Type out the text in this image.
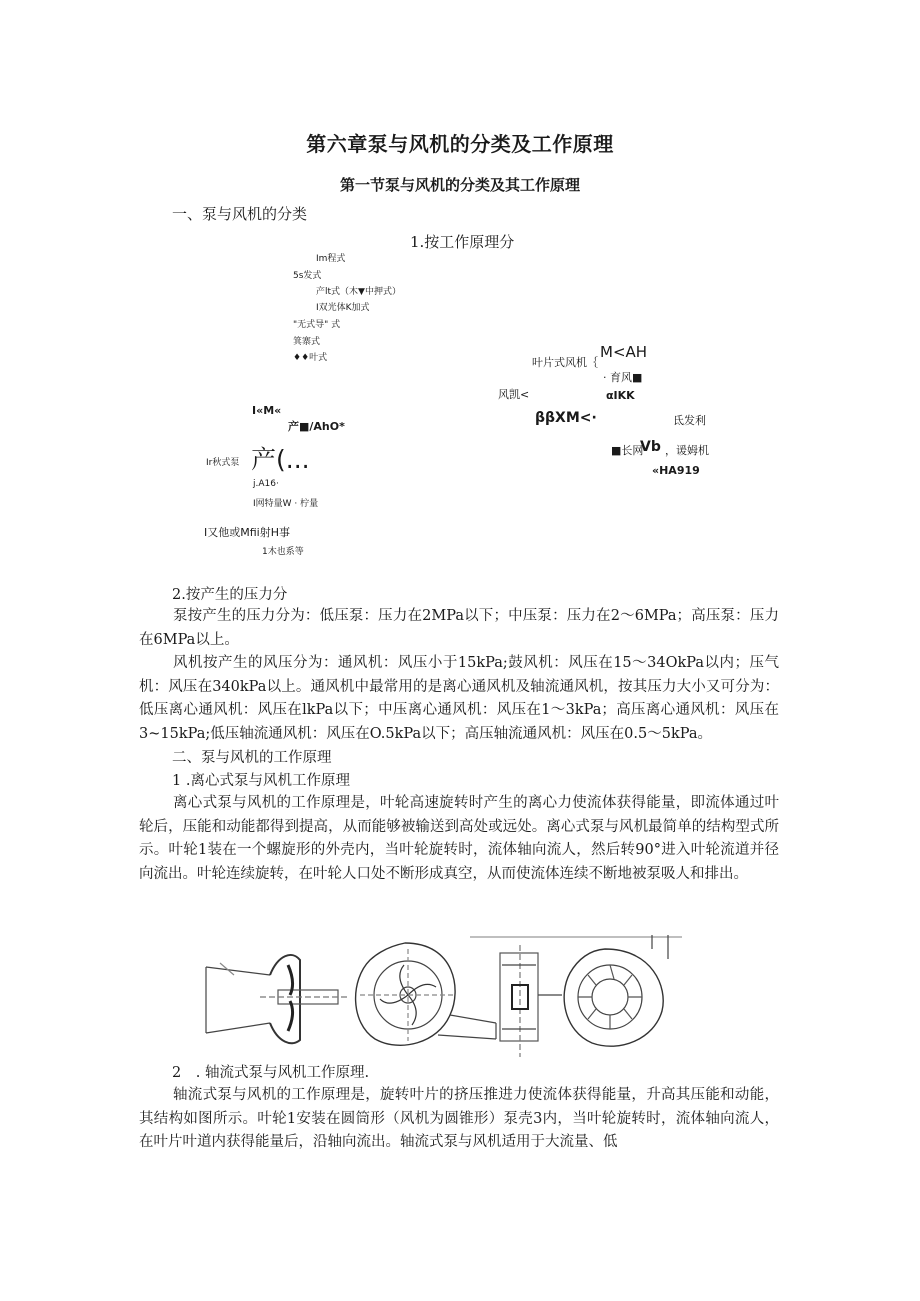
第六章泵与风机的分类及工作原理
第一节泵与风机的分类及其工作原理
一、泵与风机的分类
1.按工作原理分
Im程式
5s发式
产lt式（木▼中押式）
I双光体K加式
"无式导" 式
箕寨式
♦♦叶式
I«M«
产■/AhO*
Ir秋式泵 产(...
j.A16·
I网特量W · 柠量
I又他或Mfii射H事
1木也系等
叶片式风机｛
M<AH
· 育风■
风凯<	αIKK
ββXM<·	氐发利
■长网
Vb ，谖姆机
«HA919
2.按产生的压力分
泵按产生的压力分为：低压泵：压力在2MPa以下；中压泵：压力在2～6MPa；高压泵：压力在6MPa以上。
风机按产生的风压分为：通风机：风压小于15kPa;鼓风机：风压在15～34OkPa以内；压气机：风压在340kPa以上。通风机中最常用的是离心通风机及轴流通风机，按其压力大小又可分为：低压离心通风机：风压在lkPa以下；中压离心通风机：风压在1～3kPa；高压离心通风机：风压在3~15kPa;低压轴流通风机：风压在O.5kPa以下；高压轴流通风机：风压在0.5～5kPa。
二、泵与风机的工作原理
1 .离心式泵与风机工作原理
离心式泵与风机的工作原理是，叶轮高速旋转时产生的离心力使流体获得能量，即流体通过叶轮后，压能和动能都得到提高，从而能够被输送到高处或远处。离心式泵与风机最简单的结构型式所示。叶轮1装在一个螺旋形的外壳内，当叶轮旋转时，流体轴向流人，然后转90°进入叶轮流道并径向流出。叶轮连续旋转，在叶轮人口处不断形成真空，从而使流体连续不断地被泵吸人和排出。
2　. 轴流式泵与风机工作原理.
轴流式泵与风机的工作原理是，旋转叶片的挤压推进力使流体获得能量，升高其压能和动能，其结构如图所示。叶轮1安装在圆筒形（风机为圆锥形）泵壳3内，当叶轮旋转时，流体轴向流人，在叶片叶道内获得能量后，沿轴向流出。轴流式泵与风机适用于大流量、低
